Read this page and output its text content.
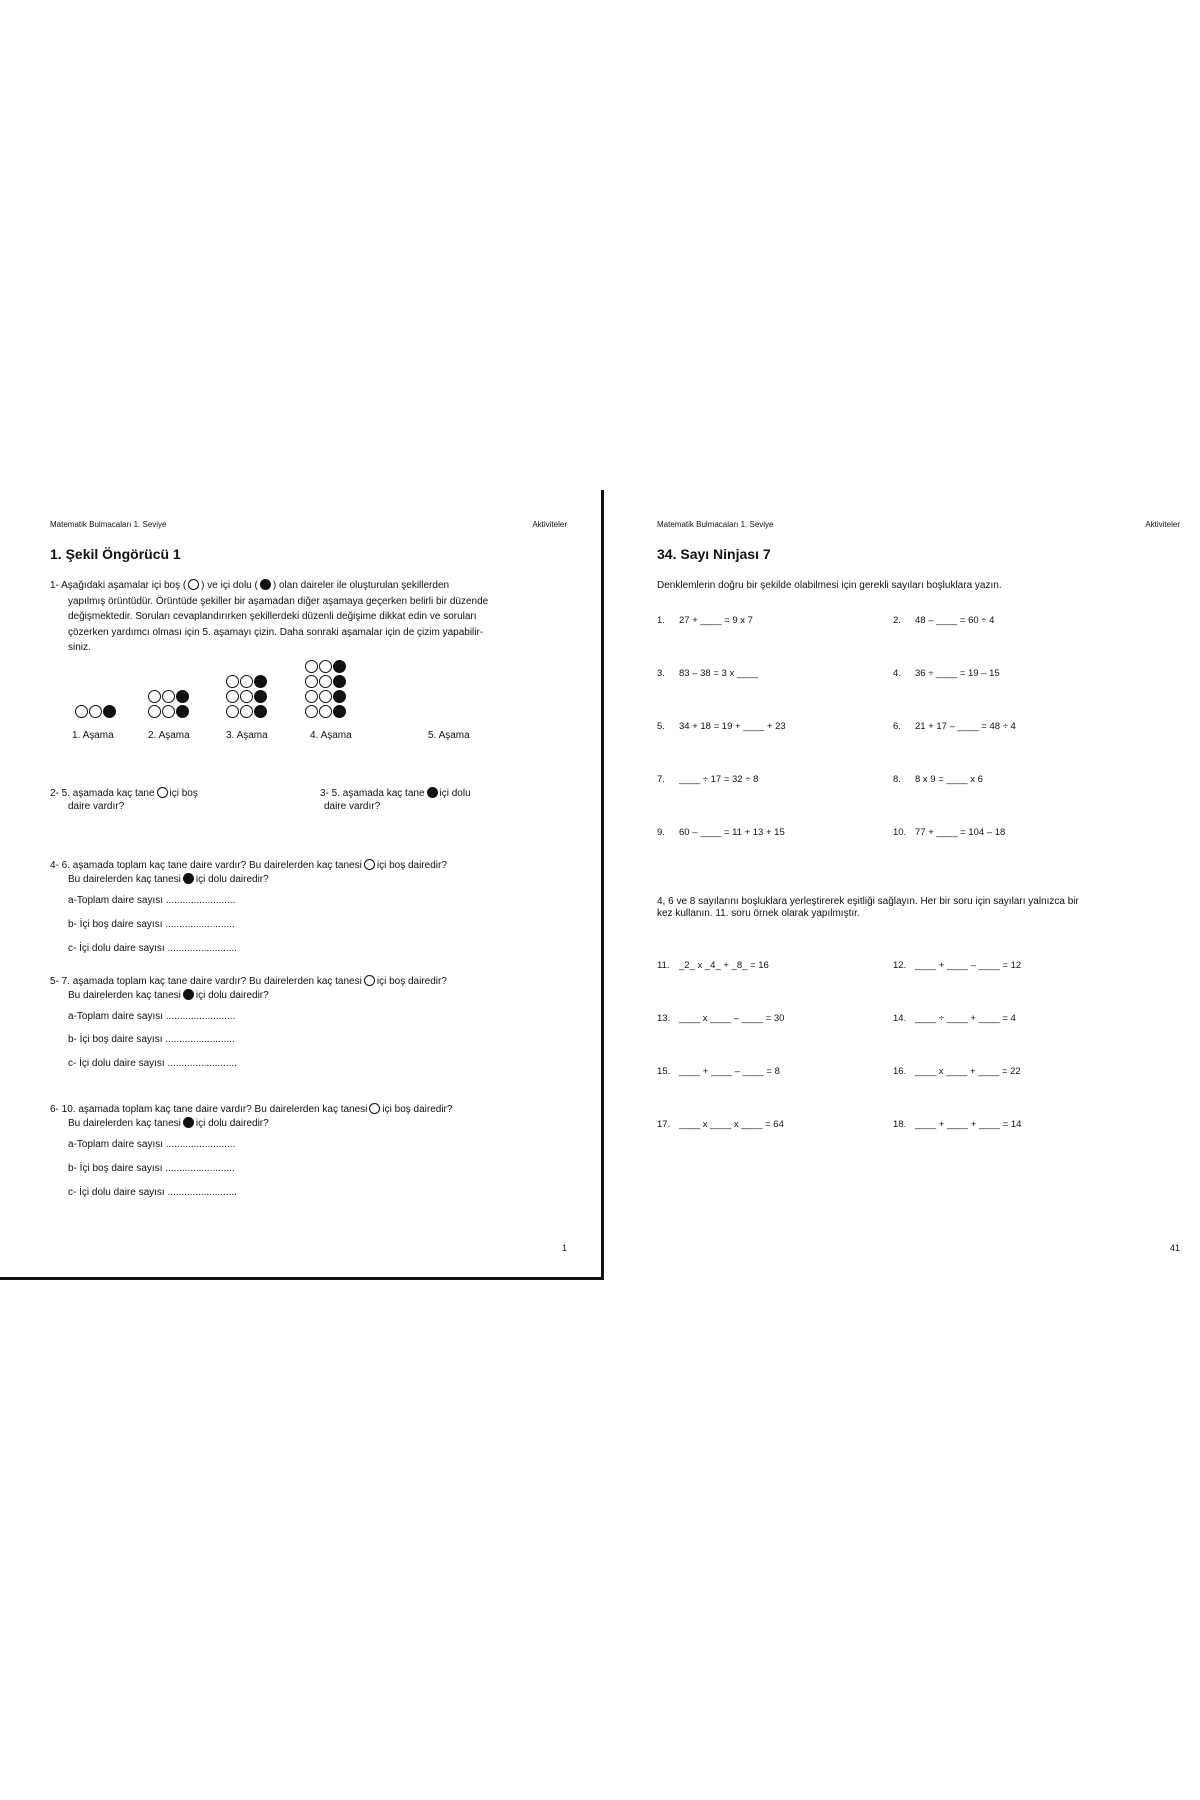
Matematik Bulmacaları 1. Seviye	Aktiviteler
1. Şekil Öngörücü 1
1- Aşağıdaki aşamalar içi boş ( ) ve içi dolu ( ) olan daireler ile oluşturulan şekillerden
yapılmış örüntüdür. Örüntüde şekiller bir aşamadan diğer aşamaya geçerken belirli bir düzende
değişmektedir. Soruları cevaplandırırken şekillerdeki düzenli değişime dikkat edin ve soruları
çözerken yardımcı olması için 5. aşamayı çizin. Daha sonraki aşamalar için de çizim yapabilir-
siniz.
1. Aşama	2. Aşama	3. Aşama	4. Aşama	5. Aşama
2- 5. aşamada kaç tane içi boş
daire vardır?
3- 5. aşamada kaç tane içi dolu
daire vardır?
4- 6. aşamada toplam kaç tane daire vardır? Bu dairelerden kaç tanesi içi boş dairedir?
Bu dairelerden kaç tanesi içi dolu dairedir?
a-Toplam daire sayısı .........................
b- İçi boş daire sayısı .........................
c- İçi dolu daire sayısı .........................
5- 7. aşamada toplam kaç tane daire vardır? Bu dairelerden kaç tanesi içi boş dairedir?
Bu dairelerden kaç tanesi içi dolu dairedir?
a-Toplam daire sayısı .........................
b- İçi boş daire sayısı .........................
c- İçi dolu daire sayısı .........................
6- 10. aşamada toplam kaç tane daire vardır? Bu dairelerden kaç tanesi içi boş dairedir?
Bu dairelerden kaç tanesi içi dolu dairedir?
a-Toplam daire sayısı .........................
b- İçi boş daire sayısı .........................
c- İçi dolu daire sayısı .........................
1
Matematik Bulmacaları 1. Seviye	Aktiviteler
34. Sayı Ninjası 7
Denklemlerin doğru bir şekilde olabilmesi için gerekli sayıları boşluklara yazın.
1. 27 + ____ = 9 x 7	2. 48 – ____ = 60 ÷ 4
3. 83 – 38 = 3 x ____	4. 36 ÷ ____ = 19 – 15
5. 34 + 18 = 19 + ____ + 23	6. 21 + 17 – ____ = 48 ÷ 4
7. ____ ÷ 17 = 32 ÷ 8	8. 8 x 9 = ____ x 6
9. 60 – ____ = 11 + 13 + 15	10. 77 + ____ = 104 – 18
4, 6 ve 8 sayılarını boşluklara yerleştirerek eşitliği sağlayın. Her bir soru için sayıları yalnızca bir
kez kullanın. 11. soru örnek olarak yapılmıştır.
11. _2_ x _4_ + _8_ = 16	12. ____ + ____ – ____ = 12
13. ____ x ____ – ____ = 30	14. ____ ÷ ____ + ____ = 4
15. ____ + ____ – ____ = 8	16. ____ x ____ + ____ = 22
17. ____ x ____ x ____ = 64	18. ____ + ____ + ____ = 14
41
